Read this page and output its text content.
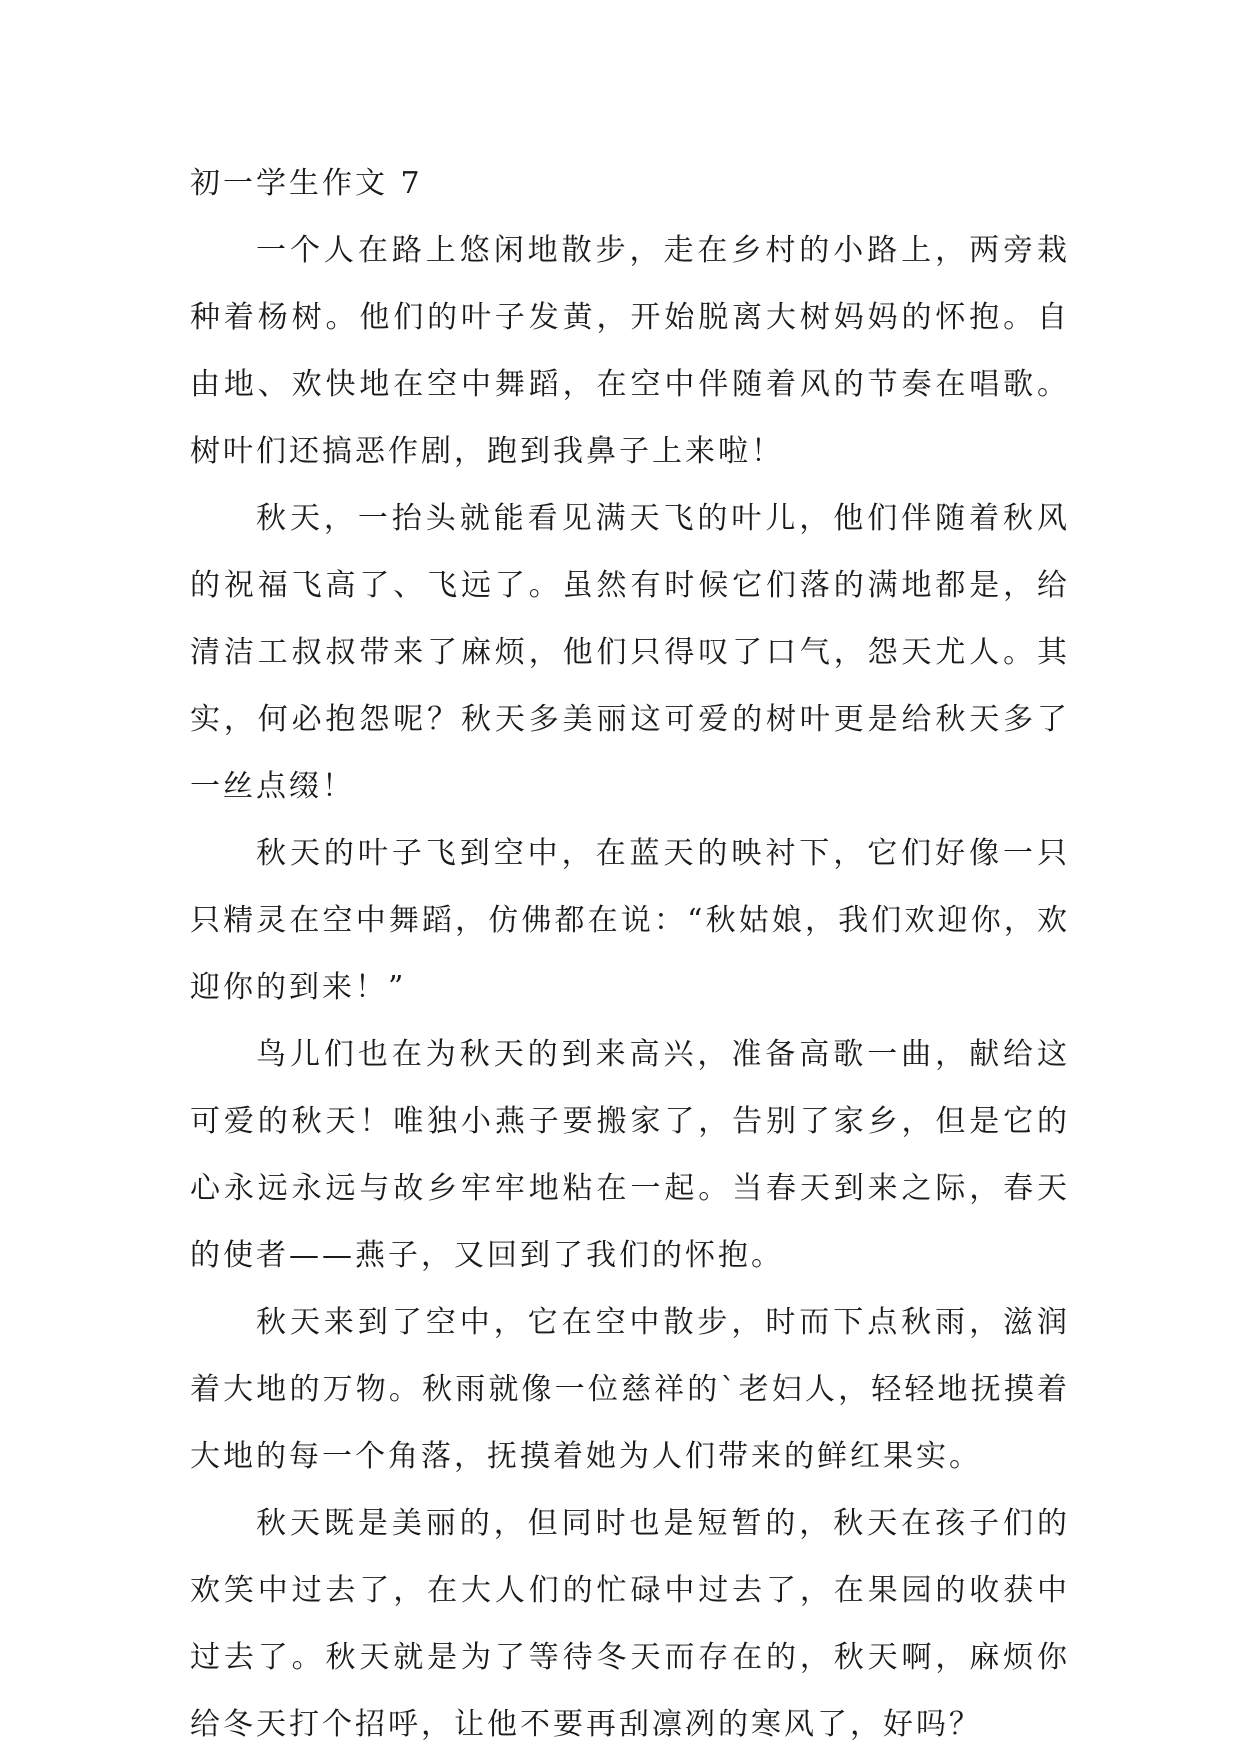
初一学生作文 7

一个人在路上悠闲地散步，走在乡村的小路上，两旁栽种着杨树。他们的叶子发黄，开始脱离大树妈妈的怀抱。自由地、欢快地在空中舞蹈，在空中伴随着风的节奏在唱歌。树叶们还搞恶作剧，跑到我鼻子上来啦！

秋天，一抬头就能看见满天飞的叶儿，他们伴随着秋风的祝福飞高了、飞远了。虽然有时候它们落的满地都是，给清洁工叔叔带来了麻烦，他们只得叹了口气，怨天尤人。其实，何必抱怨呢？秋天多美丽这可爱的树叶更是给秋天多了一丝点缀！

秋天的叶子飞到空中，在蓝天的映衬下，它们好像一只只精灵在空中舞蹈，仿佛都在说：“秋姑娘，我们欢迎你，欢迎你的到来！”

鸟儿们也在为秋天的到来高兴，准备高歌一曲，献给这可爱的秋天！唯独小燕子要搬家了，告别了家乡，但是它的心永远永远与故乡牢牢地粘在一起。当春天到来之际，春天的使者——燕子，又回到了我们的怀抱。

秋天来到了空中，它在空中散步，时而下点秋雨，滋润着大地的万物。秋雨就像一位慈祥的`老妇人，轻轻地抚摸着大地的每一个角落，抚摸着她为人们带来的鲜红果实。

秋天既是美丽的，但同时也是短暂的，秋天在孩子们的欢笑中过去了，在大人们的忙碌中过去了，在果园的收获中过去了。秋天就是为了等待冬天而存在的，秋天啊，麻烦你给冬天打个招呼，让他不要再刮凛冽的寒风了，好吗？
